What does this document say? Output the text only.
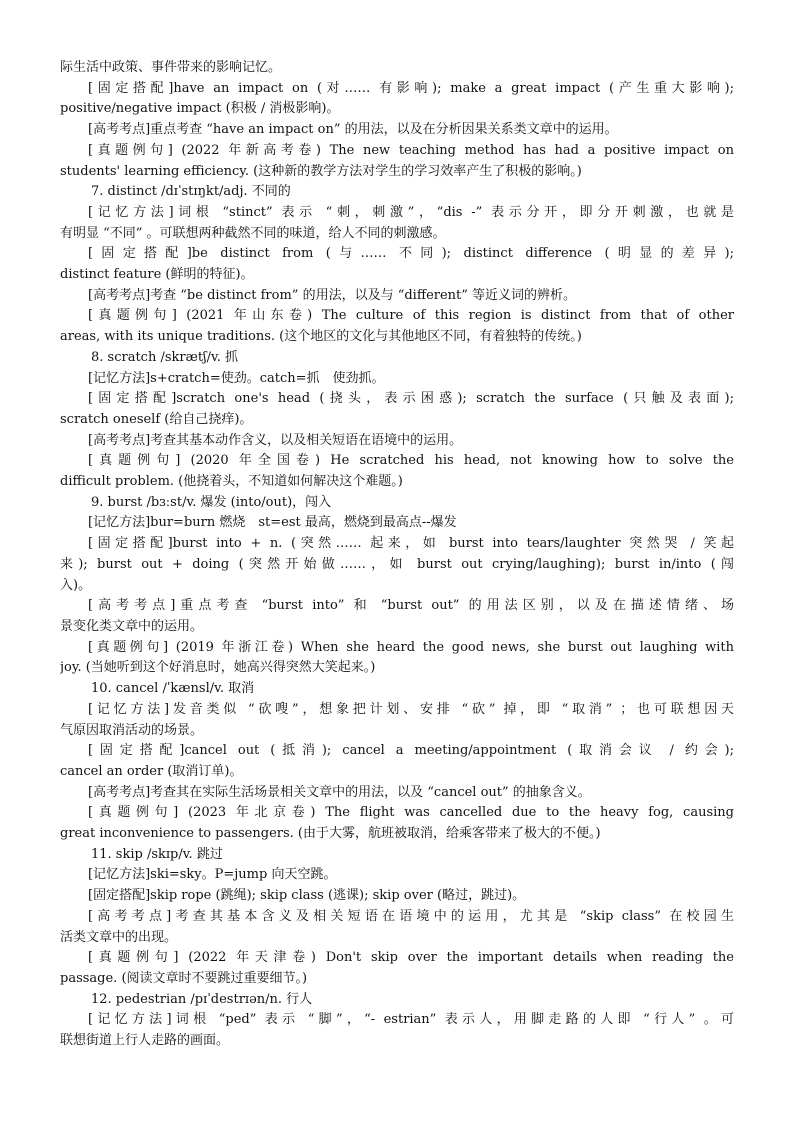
际生活中政策、事件带来的影响记忆。

[固定搭配]have an impact on (对…… 有影响); make a great impact (产生重大影响);

positive/negative impact (积极 / 消极影响)。

[高考考点]重点考查 “have an impact on” 的用法，以及在分析因果关系类文章中的运用。

[真题例句] (2022 年新高考卷) The new teaching method has had a positive impact on

students' learning efficiency. (这种新的教学方法对学生的学习效率产生了积极的影响。)

7. distinct /dɪˈstɪŋkt/adj. 不同的

[记忆方法]词根 “stinct” 表示 “刺，刺激”，“dis -” 表示分开，即分开刺激，也就是

有明显 “不同” 。可联想两种截然不同的味道，给人不同的刺激感。

[固定搭配]be distinct from (与…… 不同); distinct difference (明显的差异);

distinct feature (鲜明的特征)。

[高考考点]考查 “be distinct from” 的用法，以及与 “different” 等近义词的辨析。

[真题例句] (2021 年山东卷) The culture of this region is distinct from that of other

areas, with its unique traditions. (这个地区的文化与其他地区不同，有着独特的传统。)

8. scratch /skrætʃ/v. 抓

[记忆方法]s+cratch=使劲。catch=抓　使劲抓。

[固定搭配]scratch one's head (挠头，表示困惑); scratch the surface (只触及表面);

scratch oneself (给自己挠痒)。

[高考考点]考查其基本动作含义，以及相关短语在语境中的运用。

[真题例句] (2020 年全国卷) He scratched his head, not knowing how to solve the

difficult problem. (他挠着头，不知道如何解决这个难题。)

9. burst /bɜːst/v. 爆发 (into/out)，闯入

[记忆方法]bur=burn 燃烧　st=est 最高，燃烧到最高点--爆发

[固定搭配]burst into + n. (突然…… 起来，如 burst into tears/laughter 突然哭 / 笑起

来); burst out + doing (突然开始做……，如 burst out crying/laughing); burst in/into (闯

入)。

[高考考点]重点考查 “burst into” 和 “burst out” 的用法区别，以及在描述情绪、场

景变化类文章中的运用。

[真题例句] (2019 年浙江卷) When she heard the good news, she burst out laughing with

joy. (当她听到这个好消息时，她高兴得突然大笑起来。)

10. cancel /ˈkænsl/v. 取消

[记忆方法]发音类似 “砍嗖”，想象把计划、安排 “砍” 掉，即 “取消” ；也可联想因天

气原因取消活动的场景。

[固定搭配]cancel out (抵消); cancel a meeting/appointment (取消会议 / 约会);

cancel an order (取消订单)。

[高考考点]考查其在实际生活场景相关文章中的用法，以及 “cancel out” 的抽象含义。

[真题例句] (2023 年北京卷) The flight was cancelled due to the heavy fog, causing

great inconvenience to passengers. (由于大雾，航班被取消，给乘客带来了极大的不便。)

11. skip /skɪp/v. 跳过

[记忆方法]ski=sky。P=jump 向天空跳。

[固定搭配]skip rope (跳绳); skip class (逃课); skip over (略过，跳过)。

[高考考点]考查其基本含义及相关短语在语境中的运用，尤其是 “skip class” 在校园生

活类文章中的出现。

[真题例句] (2022 年天津卷) Don't skip over the important details when reading the

passage. (阅读文章时不要跳过重要细节。)

12. pedestrian /pɪˈdestrɪən/n. 行人

[记忆方法]词根 “ped” 表示 “脚”，“- estrian” 表示人，用脚走路的人即 “行人” 。可

联想街道上行人走路的画面。
